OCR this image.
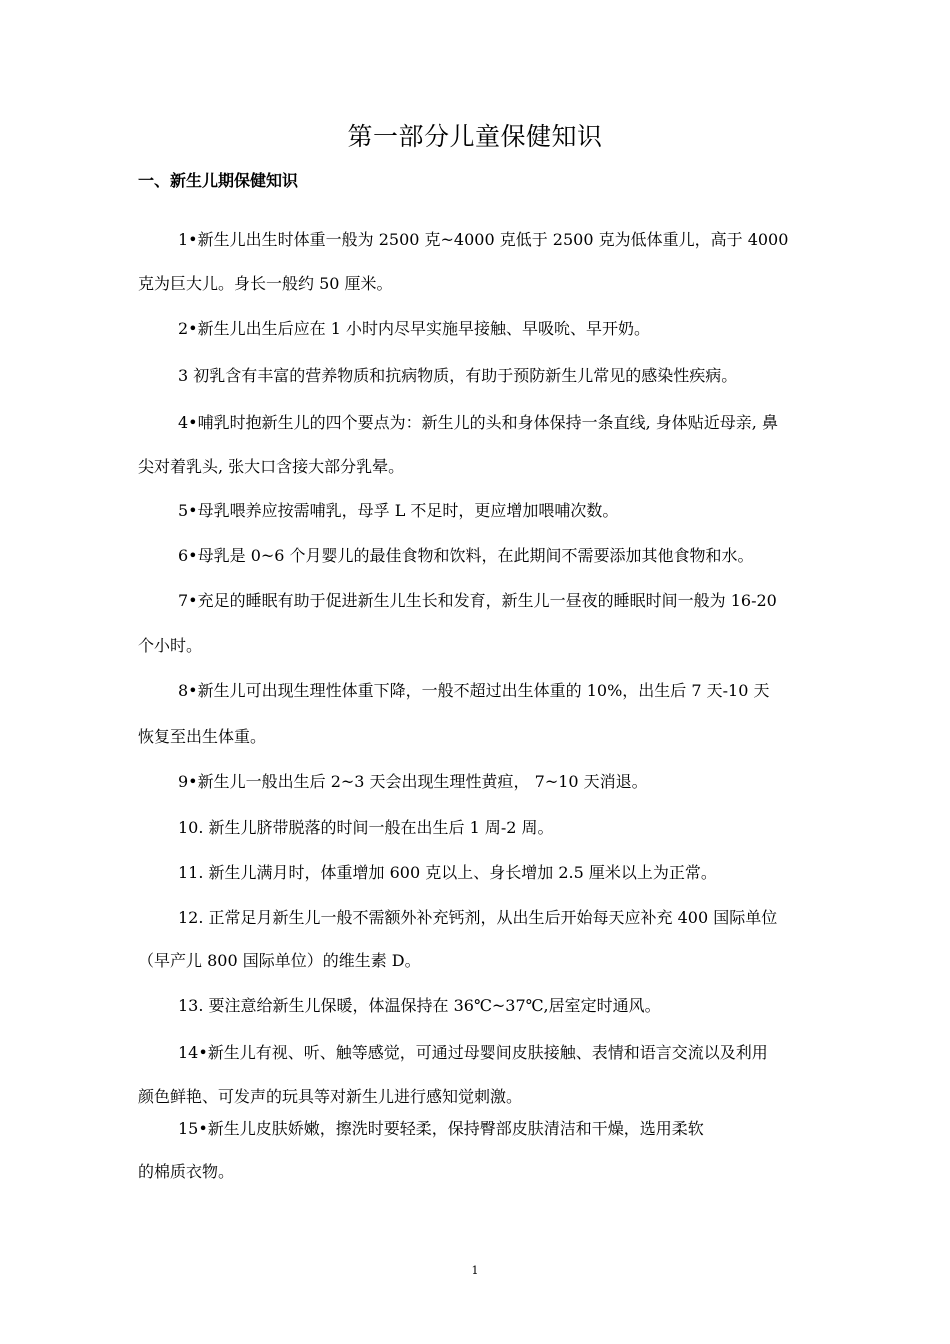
第一部分儿童保健知识
一、新生儿期保健知识
1•新生儿出生时体重一般为 2500 克~4000 克低于 2500 克为低体重儿，高于 4000
克为巨大儿。身长一般约 50 厘米。
2•新生儿出生后应在 1 小时内尽早实施早接触、早吸吮、早开奶。
3 初乳含有丰富的营养物质和抗病物质，有助于预防新生儿常见的感染性疾病。
4•哺乳时抱新生儿的四个要点为：新生儿的头和身体保持一条直线, 身体贴近母亲, 鼻
尖对着乳头, 张大口含接大部分乳晕。
5•母乳喂养应按需哺乳，母孚 L 不足时，更应增加喂哺次数。
6•母乳是 0~6 个月婴儿的最佳食物和饮料，在此期间不需要添加其他食物和水。
7•充足的睡眠有助于促进新生儿生长和发育，新生儿一昼夜的睡眠时间一般为 16-20
个小时。
8•新生儿可出现生理性体重下降，一般不超过出生体重的 10%，出生后 7 天-10 天
恢复至出生体重。
9•新生儿一般出生后 2~3 天会出现生理性黄疸， 7~10 天消退。
10. 新生儿脐带脱落的时间一般在出生后 1 周-2 周。
11. 新生儿满月时，体重增加 600 克以上、身长增加 2.5 厘米以上为正常。
12. 正常足月新生儿一般不需额外补充钙剂，从出生后开始每天应补充 400 国际单位
（早产儿 800 国际单位）的维生素 D。
13. 要注意给新生儿保暖，体温保持在 36℃~37℃,居室定时通风。
14•新生儿有视、听、触等感觉，可通过母婴间皮肤接触、表情和语言交流以及利用
颜色鲜艳、可发声的玩具等对新生儿进行感知觉刺激。
15•新生儿皮肤娇嫩，擦洗时要轻柔，保持臀部皮肤清洁和干燥，选用柔软
的棉质衣物。
1
